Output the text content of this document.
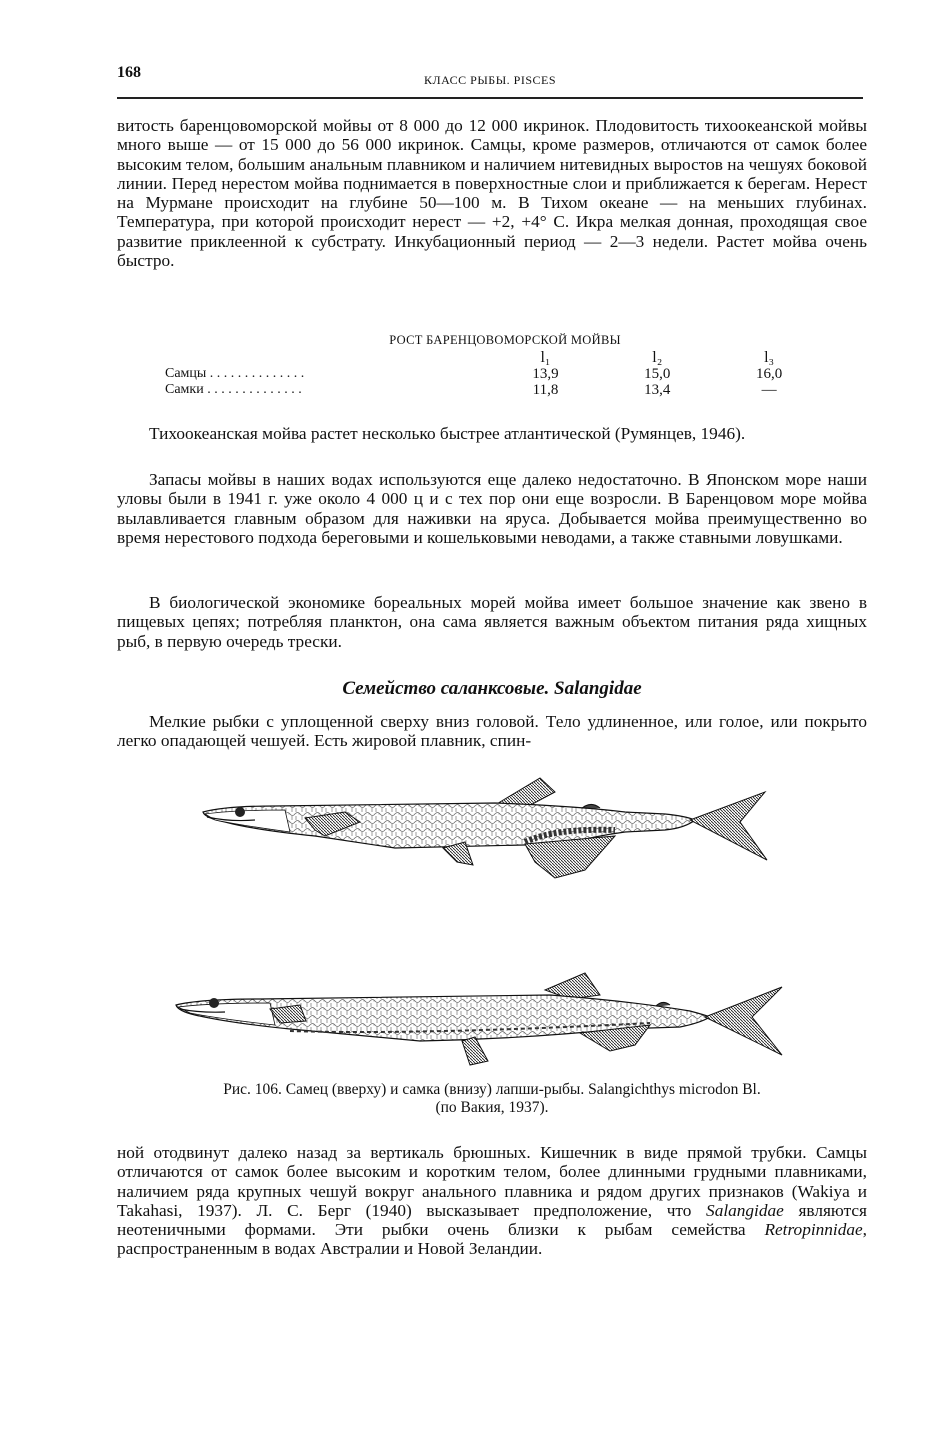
168	КЛАСС РЫБЫ. PISCES

витость баренцовоморской мойвы от 8 000 до 12 000 икринок. Плодовитость тихоокеанской мойвы много выше — от 15 000 до 56 000 икринок. Самцы, кроме размеров, отличаются от самок более высоким телом, большим анальным плавником и наличием нитевидных выростов на чешуях боковой линии. Перед нерестом мойва поднимается в поверхностные слои и приближается к берегам. Нерест на Мурмане происходит на глубине 50—100 м. В Тихом океане — на меньших глубинах. Температура, при которой происходит нерест — +2, +4° С. Икра мелкая донная, проходящая свое развитие приклеенной к субстрату. Инкубационный период — 2—3 недели. Растет мойва очень быстро.

РОСТ БАРЕНЦОВОМОРСКОЙ МОЙВЫ
	l₁	l₂	l₃
Самцы . . . . . . . . . . . . . .	13,9	15,0	16,0
Самки . . . . . . . . . . . . . .	11,8	13,4	—

Тихоокеанская мойва растет несколько быстрее атлантической (Румянцев, 1946).

Запасы мойвы в наших водах используются еще далеко недостаточно. В Японском море наши уловы были в 1941 г. уже около 4 000 ц и с тех пор они еще возросли. В Баренцовом море мойва вылавливается главным образом для наживки на яруса. Добывается мойва преимущественно во время нерестового подхода береговыми и кошельковыми неводами, а также ставными ловушками.

В биологической экономике бореальных морей мойва имеет большое значение как звено в пищевых цепях; потребляя планктон, она сама является важным объектом питания ряда хищных рыб, в первую очередь трески.

Семейство саланксовые. Salangidae

Мелкие рыбки с уплощенной сверху вниз головой. Тело удлиненное, или голое, или покрыто легко опадающей чешуей. Есть жировой плавник, спин-

Рис. 106. Самец (вверху) и самка (внизу) лапши-рыбы. Salangichthys microdon Bl.
(по Вакия, 1937).

ной отодвинут далеко назад за вертикаль брюшных. Кишечник в виде прямой трубки. Самцы отличаются от самок более высоким и коротким телом, более длинными грудными плавниками, наличием ряда крупных чешуй вокруг анального плавника и рядом других признаков (Wakiya и Takahasi, 1937). Л. С. Берг (1940) высказывает предположение, что Salangidae являются неотеничными формами. Эти рыбки очень близки к рыбам семейства Retropinnidae, распространенным в водах Австралии и Новой Зеландии.
